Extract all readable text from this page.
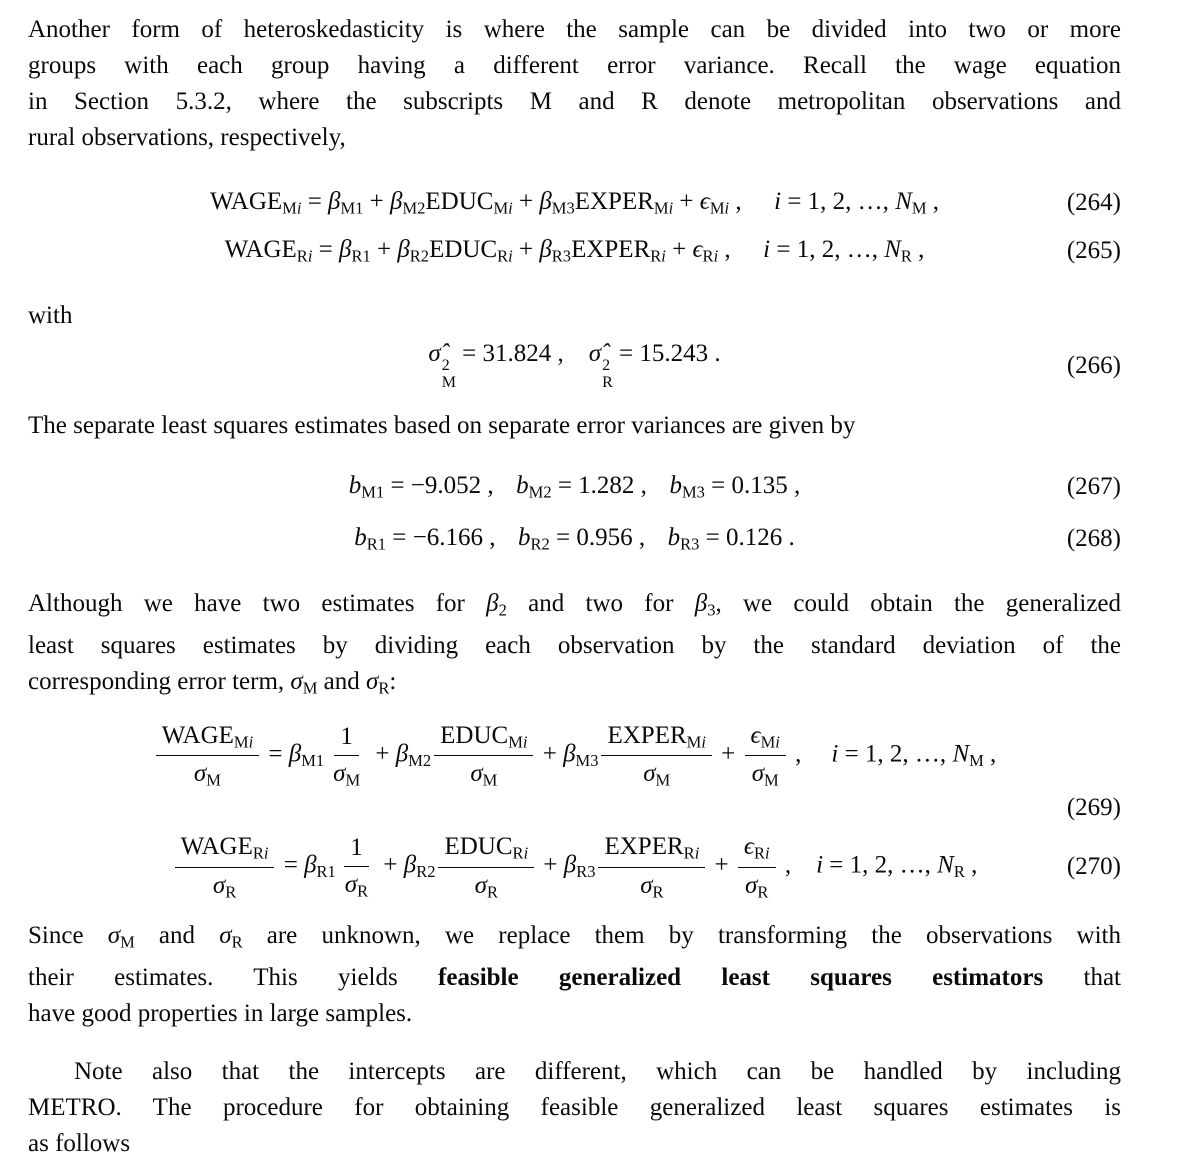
Another form of heteroskedasticity is where the sample can be divided into two or more
groups with each group having a different error variance. Recall the wage equation
in Section 5.3.2, where the subscripts M and R denote metropolitan observations and
rural observations, respectively,
WAGEMi = βM1 + βM2EDUCMi + βM3EXPERMi + ϵMi , i = 1, 2, …, NM ,	(264)
WAGERi = βR1 + βR2EDUCRi + βR3EXPERRi + ϵRi , i = 1, 2, …, NR ,	(265)
with
σ̂ 2
M
= 31.824 , σ̂ 2
R
= 15.243 .	(266)
The separate least squares estimates based on separate error variances are given by
bM1 = −9.052 , bM2 = 1.282 , bM3 = 0.135 ,	(267)
bR1 = −6.166 , bR2 = 0.956 , bR3 = 0.126 .	(268)
Although we have two estimates for β2 and two for β3, we could obtain the generalized
least squares estimates by dividing each observation by the standard deviation of the
corresponding error term, σM and σR:
$\frac{\text{WAGEMi}}{\sigma M} = \beta M1 \frac{1}{\sigma M} + \beta M2 \frac{\text{EDUCMi}}{\sigma M} + \beta M3 \frac{\text{EXPERMi}}{\sigma M} + \frac{\text{ϵMi}}{\sigma M}$ , i = 1, 2, …, NM ,
(269)
$\frac{\text{WAGERi}}{\sigma R} = \beta R1 \frac{1}{\sigma R} + \beta R2 \frac{\text{EDUCRi}}{\sigma R} + \beta R3 \frac{\text{EXPERRi}}{\sigma R} + \frac{\text{ϵRi}}{\sigma R}$ , i = 1, 2, …, NR ,	(270)
Since σM and σR are unknown, we replace them by transforming the observations with
their estimates. This yields feasible generalized least squares estimators that
have good properties in large samples.
Note also that the intercepts are different, which can be handled by including
METRO. The procedure for obtaining feasible generalized least squares estimates is
as follows
